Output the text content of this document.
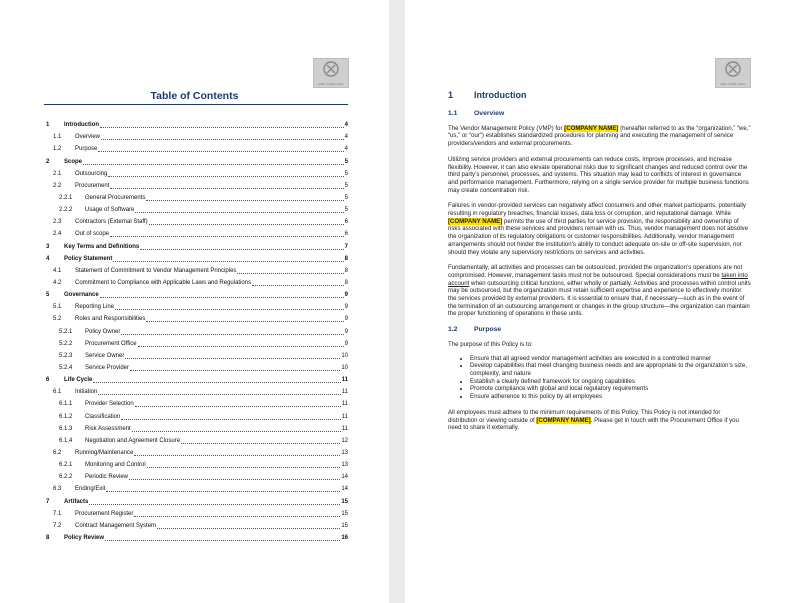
ADD YOUR LOGO
Table of Contents
1	Introduction	4
1.1	Overview	4
1.2	Purpose	4
2	Scope	5
2.1	Outsourcing	5
2.2	Procurement	5
2.2.1	General Procurements	5
2.2.2	Usage of Software	5
2.3	Contractors (External Staff)	6
2.4	Out of scope	6
3	Key Terms and Definitions	7
4	Policy Statement	8
4.1	Statement of Commitment to Vendor Management Principles	8
4.2	Commitment to Compliance with Applicable Laws and Regulations	8
5	Governance	9
5.1	Reporting Line	9
5.2	Roles and Responsibilities	9
5.2.1	Policy Owner	9
5.2.2	Procurement Office	9
5.2.3	Service Owner	10
5.2.4	Service Provider	10
6	Life Cycle	11
6.1	Initiation	11
6.1.1	Provider Selection	11
6.1.2	Classification	11
6.1.3	Risk Assessment	11
6.1.4	Negotiation and Agreement Closure	12
6.2	Running/Maintenance	13
6.2.1	Monitoring and Control	13
6.2.2	Periodic Review	14
6.3	Ending/Exit	14
7	Artifacts	15
7.1	Procurement Register	15
7.2	Contract Management System	15
8	Policy Review	16
ADD YOUR LOGO
1	Introduction
1.1	Overview

The Vendor Management Policy (VMP) for [COMPANY NAME] (hereafter referred to as the “organization,” “we,” “us,” or “our”) establishes standardized procedures for planning and executing the management of service providers/vendors and external procurements.

Utilizing service providers and external procurements can reduce costs, improve processes, and increase flexibility. However, it can also elevate operational risks due to significant changes and reduced control over the third party’s personnel, processes, and systems. This situation may lead to conflicts of interest in governance and performance management. Furthermore, relying on a single service provider for multiple business functions may create concentration risk.

Failures in vendor-provided services can negatively affect consumers and other market participants, potentially resulting in regulatory breaches, financial losses, data loss or corruption, and reputational damage. While [COMPANY NAME] permits the use of third parties for service provision, the responsibility and ownership of risks associated with these services and providers remain with us. Thus, vendor management does not absolve the organization of its regulatory obligations or customer responsibilities. Additionally, vendor management arrangements should not hinder the institution’s ability to conduct adequate on-site or off-site supervision, nor should they violate any supervisory restrictions on services and activities.

Fundamentally, all activities and processes can be outsourced, provided the organization’s operations are not compromised. However, management tasks must not be outsourced. Special considerations must be taken into account when outsourcing critical functions, either wholly or partially. Activities and processes within control units may be outsourced, but the organization must retain sufficient expertise and experience to effectively monitor the services provided by external providers. It is essential to ensure that, if necessary—such as in the event of the termination of an outsourcing arrangement or changes in the group structure—the organization can maintain the proper functioning of operations in these units.

1.2	Purpose

The purpose of this Policy is to:

• Ensure that all agreed vendor management activities are executed in a controlled manner
• Develop capabilities that meet changing business needs and are appropriate to the organization’s size, complexity, and nature
• Establish a clearly defined framework for ongoing capabilities
• Promote compliance with global and local regulatory requirements
• Ensure adherence to this policy by all employees

All employees must adhere to the minimum requirements of this Policy. This Policy is not intended for distribution or viewing outside of [COMPANY NAME]. Please get in touch with the Procurement Office if you need to share it externally.
